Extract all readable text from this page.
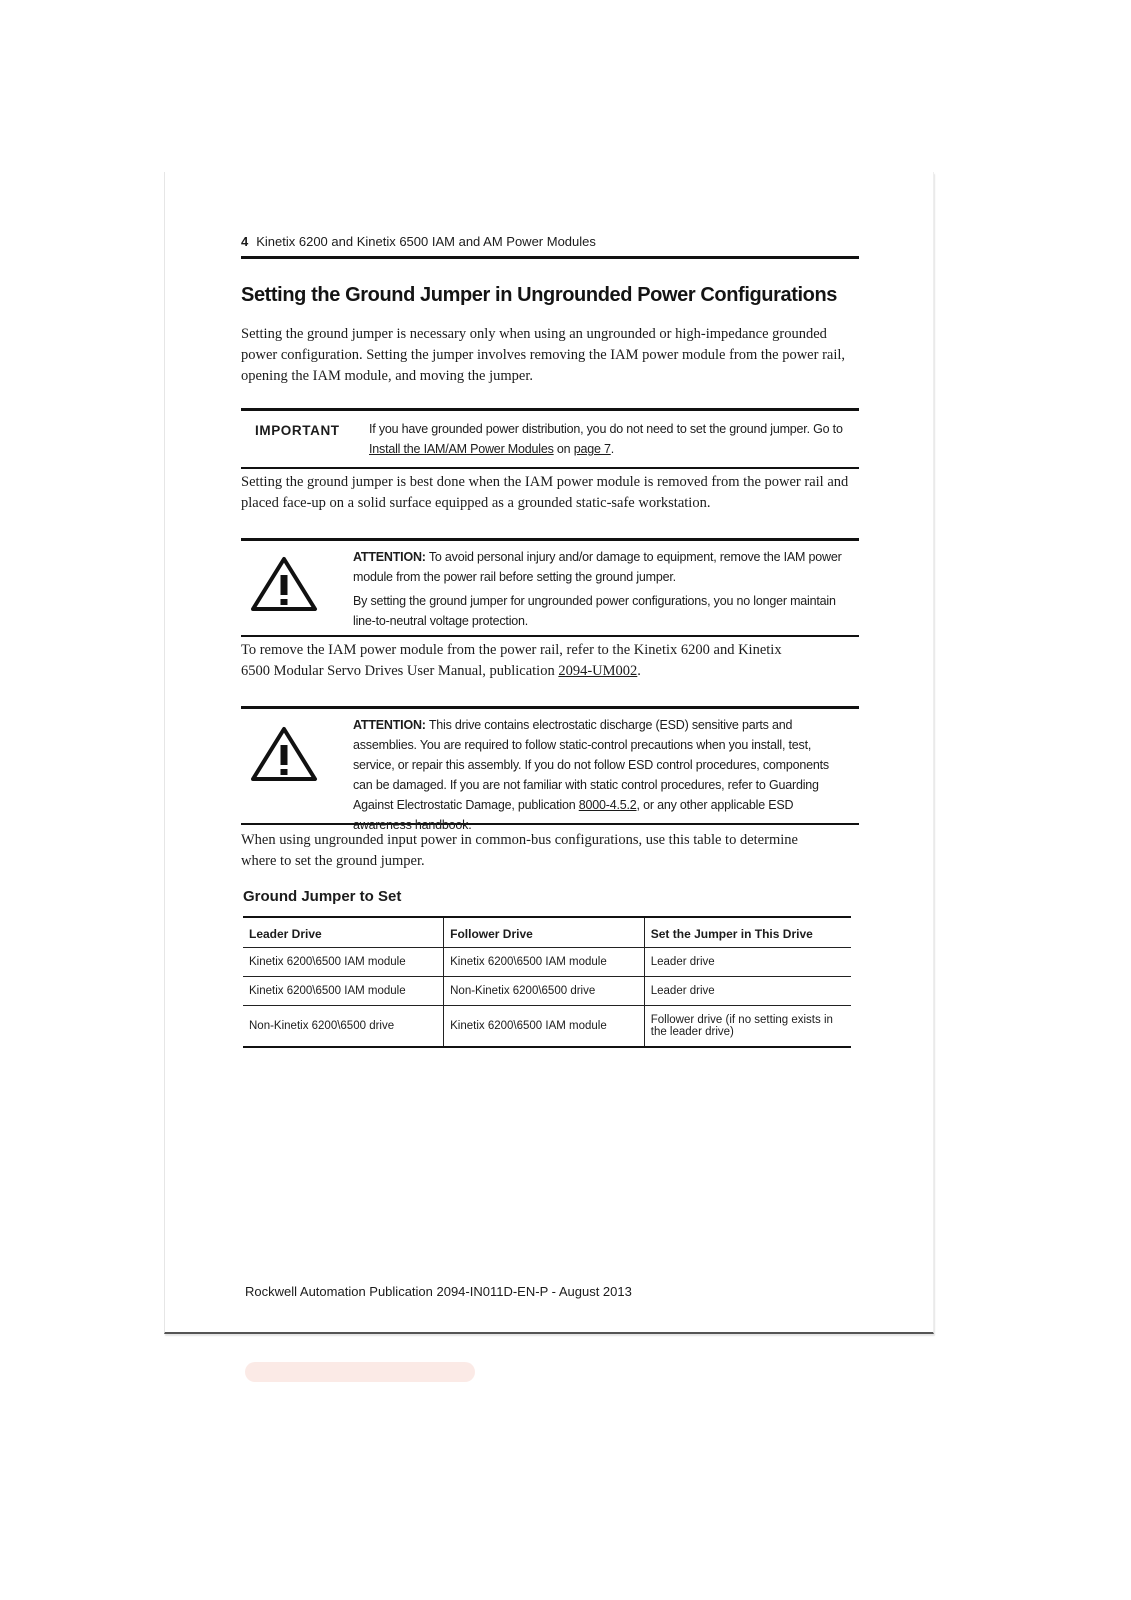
4 Kinetix 6200 and Kinetix 6500 IAM and AM Power Modules
Setting the Ground Jumper in Ungrounded Power Configurations

Setting the ground jumper is necessary only when using an ungrounded or high-impedance grounded power configuration. Setting the jumper involves removing the IAM power module from the power rail, opening the IAM module, and moving the jumper.

IMPORTANT If you have grounded power distribution, you do not need to set the ground jumper. Go to Install the IAM/AM Power Modules on page 7.

Setting the ground jumper is best done when the IAM power module is removed from the power rail and placed face-up on a solid surface equipped as a grounded static-safe workstation.

ATTENTION: To avoid personal injury and/or damage to equipment, remove the IAM power module from the power rail before setting the ground jumper.

By setting the ground jumper for ungrounded power configurations, you no longer maintain line-to-neutral voltage protection.

To remove the IAM power module from the power rail, refer to the Kinetix 6200 and Kinetix 6500 Modular Servo Drives User Manual, publication 2094-UM002.

ATTENTION: This drive contains electrostatic discharge (ESD) sensitive parts and assemblies. You are required to follow static-control precautions when you install, test, service, or repair this assembly. If you do not follow ESD control procedures, components can be damaged. If you are not familiar with static control procedures, refer to Guarding Against Electrostatic Damage, publication 8000-4.5.2, or any other applicable ESD awareness handbook.

When using ungrounded input power in common-bus configurations, use this table to determine where to set the ground jumper.

Ground Jumper to Set
Leader Drive	Follower Drive	Set the Jumper in This Drive
Kinetix 6200\6500 IAM module	Kinetix 6200\6500 IAM module	Leader drive
Kinetix 6200\6500 IAM module	Non-Kinetix 6200\6500 drive	Leader drive
Non-Kinetix 6200\6500 drive	Kinetix 6200\6500 IAM module	Follower drive (if no setting exists in the leader drive)
Rockwell Automation Publication 2094-IN011D-EN-P - August 2013
